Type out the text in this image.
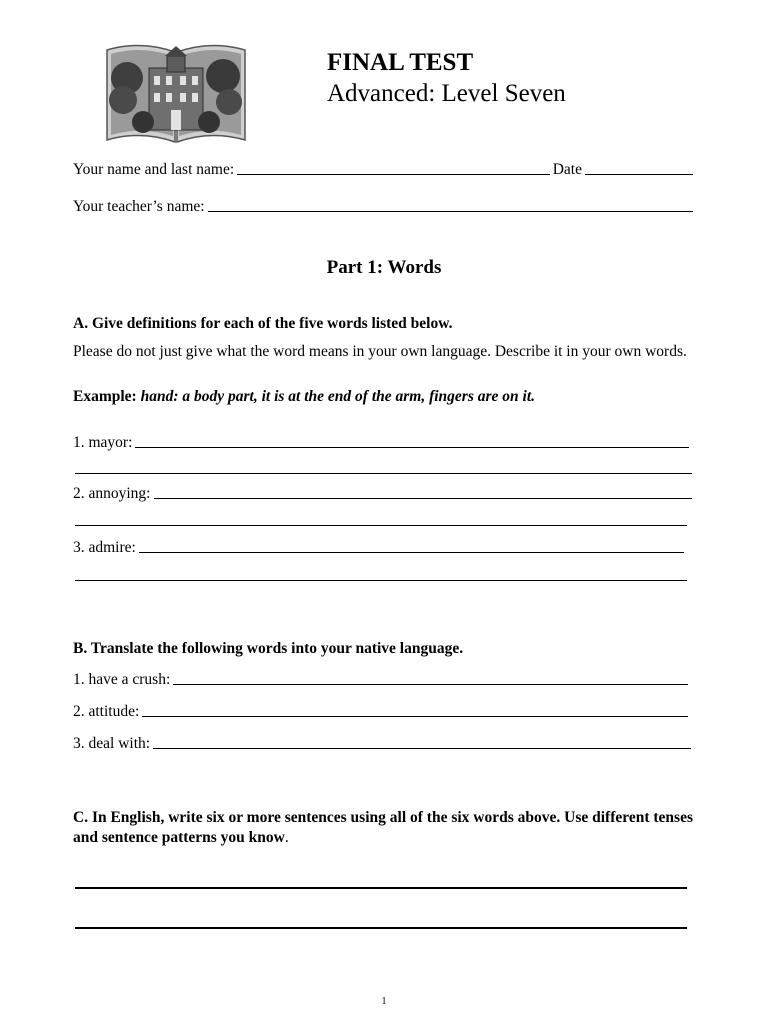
FINAL TEST
Advanced: Level Seven
Your name and last name:	Date
Your teacher’s name:
Part 1: Words
A. Give definitions for each of the five words listed below.
Please do not just give what the word means in your own language. Describe it in your own words.
Example: hand: a body part, it is at the end of the arm, fingers are on it.
1. mayor:
2. annoying:
3. admire:
B. Translate the following words into your native language.
1. have a crush:
2. attitude:
3. deal with:
C. In English, write six or more sentences using all of the six words above. Use different tenses and sentence patterns you know.
1
